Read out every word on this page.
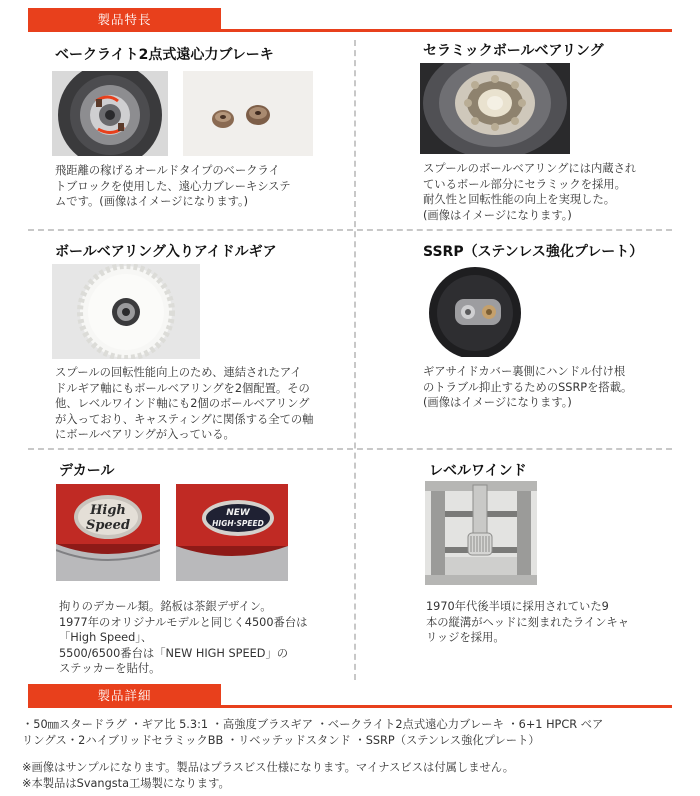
製品特長
ベークライト2点式遠心力ブレーキ
飛距離の稼げるオールドタイプのベークライ
トブロックを使用した、遠心力ブレーキシステ
ムです。(画像はイメージになります。)
セラミックボールベアリング
スプールのボールベアリングには内蔵され
ているボール部分にセラミックを採用。
耐久性と回転性能の向上を実現した。
(画像はイメージになります。)
ボールベアリング入りアイドルギア
スプールの回転性能向上のため、連結されたアイ
ドルギア軸にもボールベアリングを2個配置。その
他、レベルワインド軸にも2個のボールベアリング
が入っており、キャスティングに関係する全ての軸
にボールベアリングが入っている。
SSRP（ステンレス強化プレート）
ギアサイドカバー裏側にハンドル付け根
のトラブル抑止するためのSSRPを搭載。
(画像はイメージになります。)
デカール
High
Speed
NEW
HIGH·SPEED
拘りのデカール類。銘板は茶銀デザイン。
1977年のオリジナルモデルと同じく4500番台は
「High Speed」、
5500/6500番台は「NEW HIGH SPEED」の
ステッカーを貼付。
レベルワインド
1970年代後半頃に採用されていた9
本の縦溝がヘッドに刻まれたラインキャ
リッジを採用。
製品詳細
・50㎜スタードラグ ・ギア比 5.3:1 ・高強度ブラスギア ・ベークライト2点式遠心力ブレーキ ・6+1 HPCR ベア
リングス・2ハイブリッドセラミックBB ・リベッテッドスタンド ・SSRP（ステンレス強化プレート）
※画像はサンプルになります。製品はプラスビス仕様になります。マイナスビスは付属しません。
※本製品はSvangsta工場製になります。
